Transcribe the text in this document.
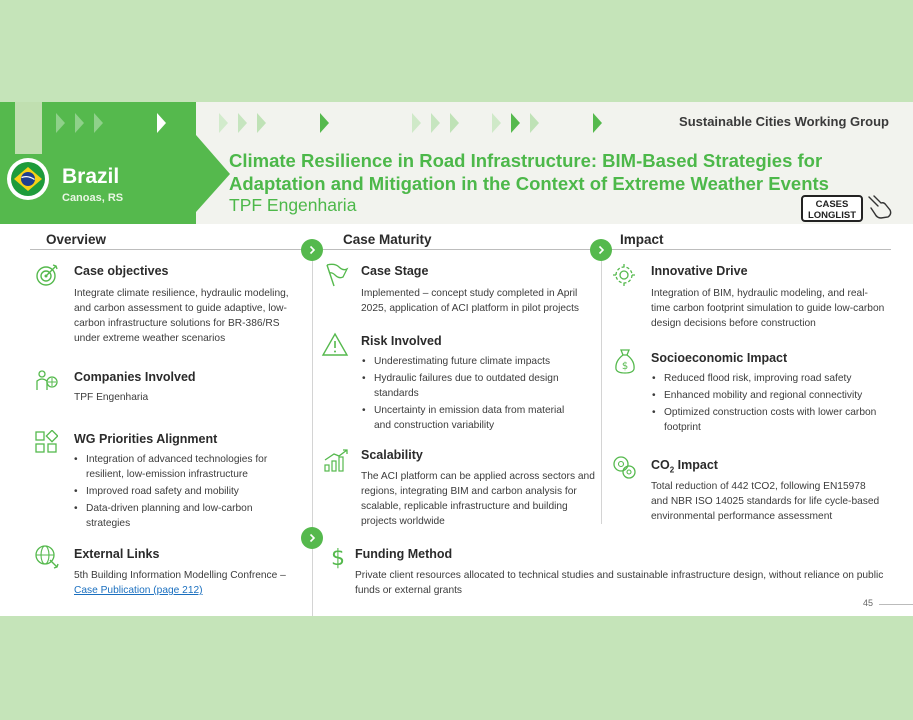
Brazil
Canoas, RS
Sustainable Cities Working Group
Climate Resilience in Road Infrastructure: BIM-Based Strategies for Adaptation and Mitigation in the Context of Extreme Weather Events
TPF Engenharia	CASES LONGLIST
Overview	Case Maturity	Impact
Case objectives
Integrate climate resilience, hydraulic modeling, and carbon assessment to guide adaptive, low-carbon infrastructure solutions for BR-386/RS under extreme weather scenarios
Companies Involved
TPF Engenharia
WG Priorities Alignment
• Integration of advanced technologies for resilient, low-emission infrastructure
• Improved road safety and mobility
• Data-driven planning and low-carbon strategies
External Links
5th Building Information Modelling Confrence –
Case Publication (page 212)
Case Stage
Implemented – concept study completed in April 2025, application of ACI platform in pilot projects
Risk Involved
• Underestimating future climate impacts
• Hydraulic failures due to outdated design standards
• Uncertainty in emission data from material and construction variability
Scalability
The ACI platform can be applied across sectors and regions, integrating BIM and carbon analysis for scalable, replicable infrastructure and building projects worldwide
Innovative Drive
Integration of BIM, hydraulic modeling, and real-time carbon footprint simulation to guide low-carbon design decisions before construction
$
Socioeconomic Impact
• Reduced flood risk, improving road safety
• Enhanced mobility and regional connectivity
• Optimized construction costs with lower carbon footprint
$CO_2$ Impact
Total reduction of 442 tCO2, following EN15978 and NBR ISO 14025 standards for life cycle-based environmental performance assessment
$ Funding Method
Private client resources allocated to technical studies and sustainable infrastructure design, without reliance on public funds or external grants
45
